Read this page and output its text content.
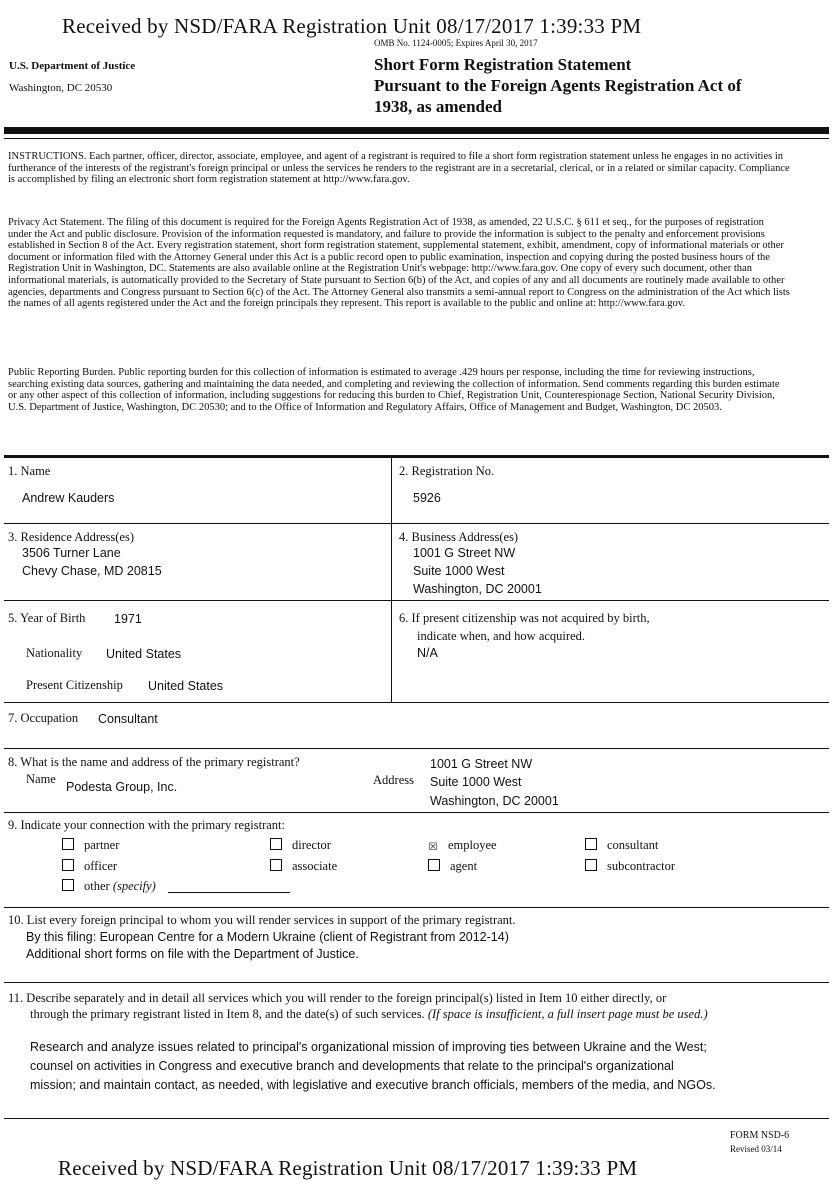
Received by NSD/FARA Registration Unit 08/17/2017 1:39:33 PM
OMB No. 1124-0005; Expires April 30, 2017
U.S. Department of Justice
Washington, DC 20530
Short Form Registration Statement
Pursuant to the Foreign Agents Registration Act of
1938, as amended
INSTRUCTIONS. Each partner, officer, director, associate, employee, and agent of a registrant is required to file a short form registration statement unless he engages in no activities in furtherance of the interests of the registrant's foreign principal or unless the services he renders to the registrant are in a secretarial, clerical, or in a related or similar capacity. Compliance is accomplished by filing an electronic short form registration statement at http://www.fara.gov.
Privacy Act Statement. The filing of this document is required for the Foreign Agents Registration Act of 1938, as amended, 22 U.S.C. § 611 et seq., for the purposes of registration under the Act and public disclosure. Provision of the information requested is mandatory, and failure to provide the information is subject to the penalty and enforcement provisions established in Section 8 of the Act. Every registration statement, short form registration statement, supplemental statement, exhibit, amendment, copy of informational materials or other document or information filed with the Attorney General under this Act is a public record open to public examination, inspection and copying during the posted business hours of the Registration Unit in Washington, DC. Statements are also available online at the Registration Unit's webpage: http://www.fara.gov. One copy of every such document, other than informational materials, is automatically provided to the Secretary of State pursuant to Section 6(b) of the Act, and copies of any and all documents are routinely made available to other agencies, departments and Congress pursuant to Section 6(c) of the Act. The Attorney General also transmits a semi-annual report to Congress on the administration of the Act which lists the names of all agents registered under the Act and the foreign principals they represent. This report is available to the public and online at: http://www.fara.gov.
Public Reporting Burden. Public reporting burden for this collection of information is estimated to average .429 hours per response, including the time for reviewing instructions, searching existing data sources, gathering and maintaining the data needed, and completing and reviewing the collection of information. Send comments regarding this burden estimate or any other aspect of this collection of information, including suggestions for reducing this burden to Chief, Registration Unit, Counterespionage Section, National Security Division, U.S. Department of Justice, Washington, DC 20530; and to the Office of Information and Regulatory Affairs, Office of Management and Budget, Washington, DC 20503.
1. Name
Andrew Kauders
2. Registration No.
5926
3. Residence Address(es)
3506 Turner Lane
Chevy Chase, MD 20815
4. Business Address(es)
1001 G Street NW
Suite 1000 West
Washington, DC 20001
5. Year of Birth 1971
Nationality United States
Present Citizenship United States
6. If present citizenship was not acquired by birth,
indicate when, and how acquired.
N/A
7. Occupation Consultant
8. What is the name and address of the primary registrant?
Name
Podesta Group, Inc.	Address
1001 G Street NW
Suite 1000 West
Washington, DC 20001
9. Indicate your connection with the primary registrant:
partner
officer
other (specify)
director
associate
☒ employee
agent
consultant
subcontractor
10. List every foreign principal to whom you will render services in support of the primary registrant.
By this filing: European Centre for a Modern Ukraine (client of Registrant from 2012-14)
Additional short forms on file with the Department of Justice.
11. Describe separately and in detail all services which you will render to the foreign principal(s) listed in Item 10 either directly, or
through the primary registrant listed in Item 8, and the date(s) of such services. (If space is insufficient, a full insert page must be used.)
Research and analyze issues related to principal's organizational mission of improving ties between Ukraine and the West;
counsel on activities in Congress and executive branch and developments that relate to the principal's organizational
mission; and maintain contact, as needed, with legislative and executive branch officials, members of the media, and NGOs.
FORM NSD-6
Revised 03/14
Received by NSD/FARA Registration Unit 08/17/2017 1:39:33 PM
